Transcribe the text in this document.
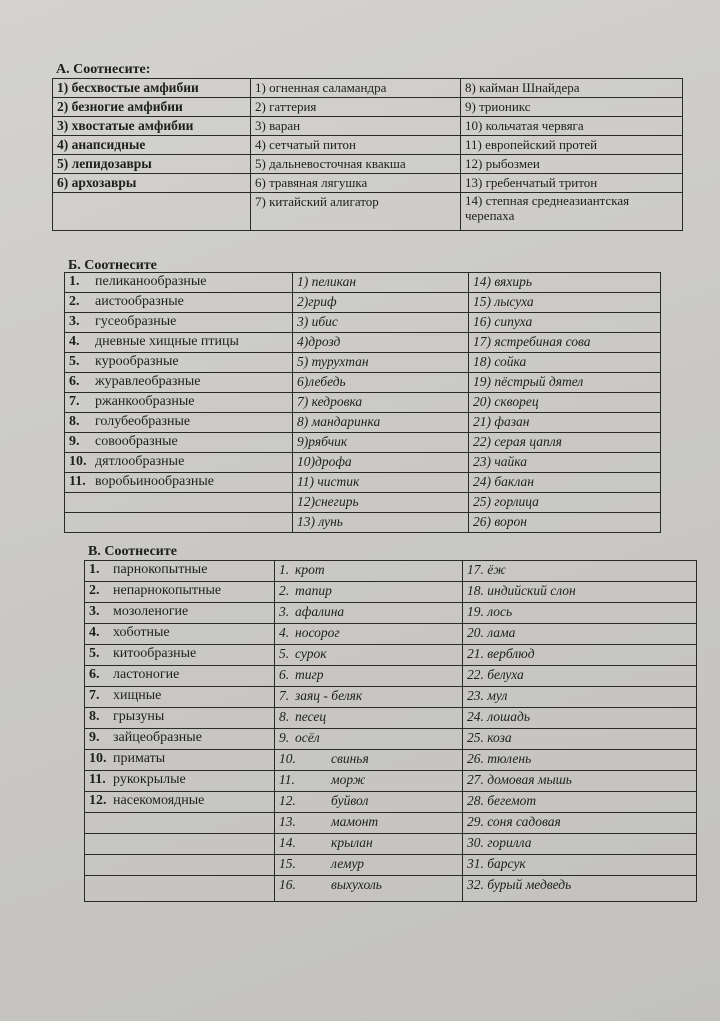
А. Соотнесите:
1) бесхвостые амфибии	1) огненная саламандра	8) кайман Шнайдера
2) безногие амфибии	2) гаттерия	9) трионикс
3) хвостатые амфибии	3) варан	10) кольчатая червяга
4) анапсидные	4) сетчатый питон	11) европейский протей
5) лепидозавры	5) дальневосточная квакша	12) рыбозмеи
6) архозавры	6) травяная лягушка	13) гребенчатый тритон
	7) китайский алигатор	14) степная среднеазиантская черепаха
Б. Соотнесите
1. пеликанообразные	1) пеликан	14) вяхирь
2. аистообразные	2)гриф	15) лысуха
3. гусеобразные	3) ибис	16) сипуха
4. дневные хищные птицы	4)дрозд	17) ястребиная сова
5. курообразные	5) турухтан	18) сойка
6. журавлеобразные	6)лебедь	19) пёстрый дятел
7. ржанкообразные	7) кедровка	20) скворец
8. голубеобразные	8) мандаринка	21) фазан
9. совообразные	9)рябчик	22) серая цапля
10. дятлообразные	10)дрофа	23) чайка
11. воробьинообразные	11) чистик	24) баклан
	12)снегирь	25) горлица
	13) лунь	26) ворон
В. Соотнесите
1. парнокопытные	1. крот	17. ёж
2. непарнокопытные	2. тапир	18. индийский слон
3. мозоленогие	3. афалина	19. лось
4. хоботные	4. носорог	20. лама
5. китообразные	5. сурок	21. верблюд
6. ластоногие	6. тигр	22. белуха
7. хищные	7. заяц - беляк	23. мул
8. грызуны	8. песец	24. лошадь
9. зайцеобразные	9. осёл	25. коза
10. приматы	10. свинья	26. тюлень
11. рукокрылые	11. морж	27. домовая мышь
12. насекомоядные	12. буйвол	28. бегемот
	13. мамонт	29. соня садовая
	14. крылан	30. горилла
	15. лемур	31. барсук
	16. выхухоль	32. бурый медведь
